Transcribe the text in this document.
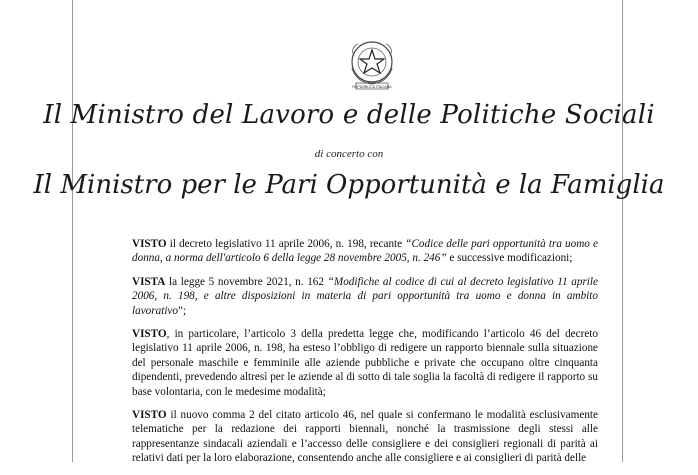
REPUBBLICA ITALIANA
Il Ministro del Lavoro e delle Politiche Sociali
di concerto con
Il Ministro per le Pari Opportunità e la Famiglia

VISTO il decreto legislativo 11 aprile 2006, n. 198, recante “Codice delle pari opportunità tra uomo e donna, a norma dell'articolo 6 della legge 28 novembre 2005, n. 246” e successive modificazioni;

VISTA la legge 5 novembre 2021, n. 162 “Modifiche al codice di cui al decreto legislativo 11 aprile 2006, n. 198, e altre disposizioni in materia di pari opportunità tra uomo e donna in ambito lavorativo”;

VISTO, in particolare, l’articolo 3 della predetta legge che, modificando l’articolo 46 del decreto legislativo 11 aprile 2006, n. 198, ha esteso l’obbligo di redigere un rapporto biennale sulla situazione del personale maschile e femminile alle aziende pubbliche e private che occupano oltre cinquanta dipendenti, prevedendo altresì per le aziende al di sotto di tale soglia la facoltà di redigere il rapporto su base volontaria, con le medesime modalità;

VISTO il nuovo comma 2 del citato articolo 46, nel quale si confermano le modalità esclusivamente telematiche per la redazione dei rapporti biennali, nonché la trasmissione degli stessi alle rappresentanze sindacali aziendali e l’accesso delle consigliere e dei consiglieri regionali di parità ai relativi dati per la loro elaborazione, consentendo anche alle consigliere e ai consiglieri di parità delle
